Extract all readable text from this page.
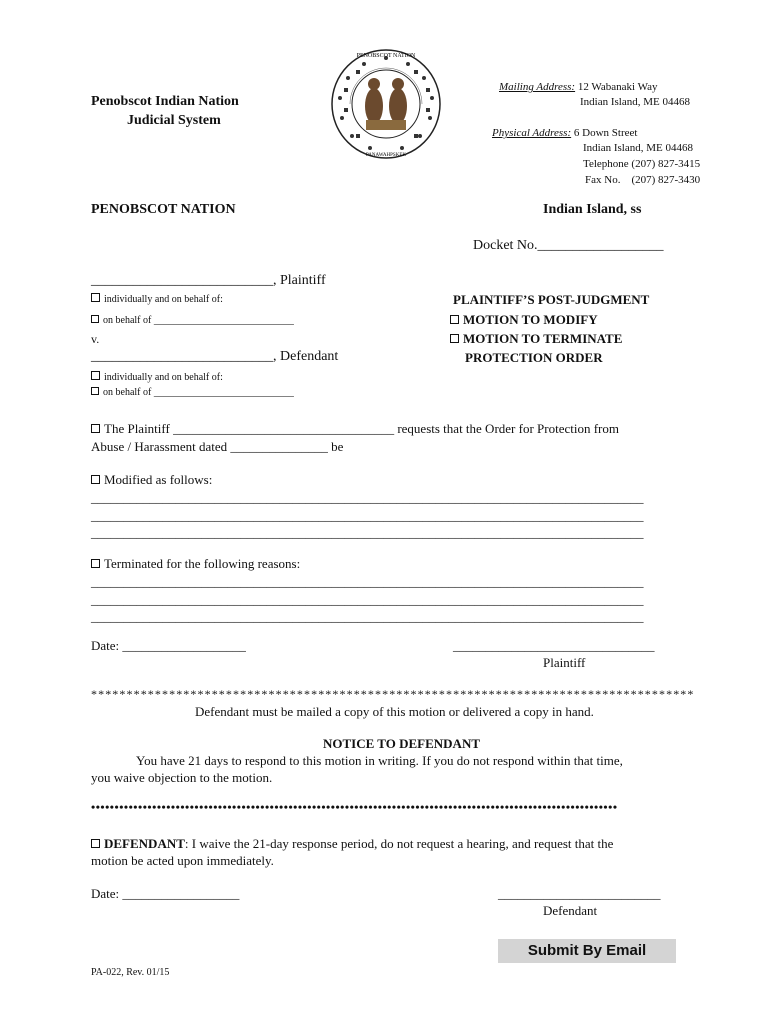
PENOBSCOT NATION
PANAWAHPSKEK
Penobscot Indian Nation
Judicial System
Mailing Address: 12 Wabanaki Way
Indian Island, ME 04468
Physical Address: 6 Down Street
Indian Island, ME 04468
Telephone (207) 827-3415
Fax No.    (207) 827-3430
PENOBSCOT NATION	Indian Island, ss
Docket No.__________________
__________________________, Plaintiff
individually and on behalf of:
on behalf of ____________________________
v.
__________________________, Defendant
individually and on behalf of:
on behalf of ____________________________
PLAINTIFF’S POST-JUDGMENT
MOTION TO MODIFY
MOTION TO TERMINATE
PROTECTION ORDER
The Plaintiff __________________________________ requests that the Order for Protection from
Abuse / Harassment dated _______________ be
Modified as follows:
_____________________________________________________________________________________
_____________________________________________________________________________________
_____________________________________________________________________________________
Terminated for the following reasons:
_____________________________________________________________________________________
_____________________________________________________________________________________
_____________________________________________________________________________________
Date: ___________________	_______________________________
Plaintiff
*************************************************************************************
Defendant must be mailed a copy of this motion or delivered a copy in hand.
NOTICE TO DEFENDANT
You have 21 days to respond to this motion in writing. If you do not respond within that time,
you waive objection to the motion.
••••••••••••••••••••••••••••••••••••••••••••••••••••••••••••••••••••••••••••••••••••••••••••••••••••••••••••••••
DEFENDANT: I waive the 21-day response period, do not request a hearing, and request that the
motion be acted upon immediately.
Date: __________________	_________________________
Defendant
Submit By Email
PA-022, Rev. 01/15
